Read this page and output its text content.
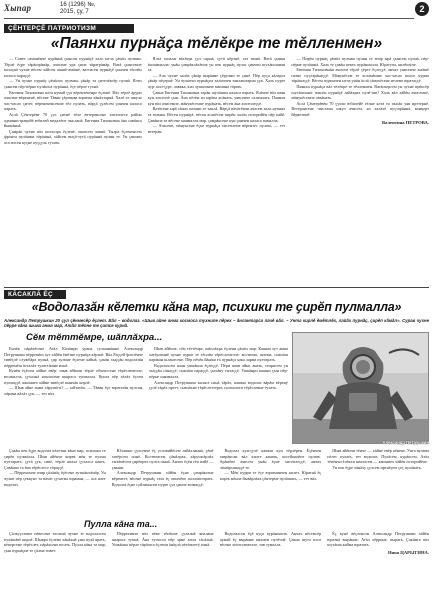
Хыпар	16 (1296) №,
2015, ҫу, 7	2
ÇĔНТЕРҪĔ ПАТРИОТИЗМ ÇУЛТАЛĂКĔ «Паянхи пурнăҫа тĕлĕкре те тĕлленмен»

— Совет саманĕнче пурăннă çынсен пурнăçĕ халь ытла çăмăл пулман. Тĕрлĕ ĕçре тăрăшрăмăр, ачасене ура çине тăратрăмăр. Ватă çынсемпе калаçнă чухне вĕсем хăйсен ашшĕ-амăшĕ, ваттисен пурнăçĕ çинчен тĕплĕн каласа параççĕ.

— Ун чухне пурнăç çăмăлах пулман, çăкăр та çителĕксĕр пулнă. Ялти çынсем пĕр-пĕрне пулăшса пурăннă, ĕçе пĕрле тухнă.

Евгения Тихоновна ялта нумай çул вĕрентекенре ĕçленĕ. Вăл тĕрлĕ ăрури ачасене вĕрентнĕ, вĕсене Тăван çĕршыва юратма хăнăхтарнă. Халĕ те шкула час-часах çитет, вĕренекенсемпе тĕл пулать, вăрçă çулĕсем çинчен каласа парать.

Аслă Çĕнтерĕве 70 çул çитнĕ тĕле ветерансене хисеплесе район администрацийĕ юбилей медалĕпе чысланă. Евгения Тихоновна ăна савăнса йышăннă.

Çамрăк чухне вăл колхозра ĕçленĕ, окопсем чавнă. Тылра ĕçлекенсем фронта пулăшма тăрăшнă, хăйсем выçă-тутă пурăннă пулин те. Ун çинчен аса илсен куçне куççуль тухать.

Ялта хальхи вăхăтра çул сарнă, çутă кĕртнĕ, газ пынă. Ватă çынна ăнланмалла: унăн çамрăклăхĕнче ун пек пурнăç пулас çинчен шухăшламан та.

— Ача чухне халăх çăкăр вырăнне çĕрулми те çинĕ. Пĕр пуçа кăларса çăкăр пĕçернĕ. Ун чухнехи пурнăçпа халиччен танлаштарма çук. Халь пурте пур: кил-çурт, лавкка, кил хушшинче машина тăрать.

Çакна Евгения Тихоновна тарăн шухăшпа каласа парать. Ялĕнче вăл паян кун хисеплĕ çын. Ăна пĕтĕм ял ырăпа асăнать, уявсенче саламлать. Паянхи кун вăл ачисемпе, мăнукĕсемпе пурăнать, вĕсем ăна хисеплеççĕ.

Ватăсене ырă сăмах калани те хаклă. Вăрçă вăхăтĕнчи ачасем халь нумаях та юлман. Вĕсен пурнăçĕ, вĕсен асапĕсем пирĕн халăх историйĕн пĕр пайĕ. Çавăнпа та вĕсене манмалла мар, çамрăксене кун çинчен каласа памалла.

— Ачасене, мăнуксене ĕçпе пурнăçа хисеплеме вĕрентес пулать, — тет ветеран.

— Пирĕн пурнăç çăмăл пулман пулин те эпир ырă çынсем пулнă, пĕр-пĕрне пулăшнă. Халь те çавăн пекех пурăнмалла. Юратупа, килĕшÿпе.

Евгения Тихоновнăн ачисем тĕрлĕ çĕрте ĕçлеççĕ, анчах уявсенче амăшĕ патне пуçтарăнаççĕ. Мăнукĕсем те асламăшне час-часах килсе курма тăрăшаççĕ. Вĕсем пуринчен ытла унăн ăслă сăмахĕсене итлеме юратаççĕ.

Паянхи пурнăçа вăл тĕлĕкре те тĕлленмен. Ватăскерсем ун чухне ирĕксĕр шухăшланă: ачасен пурнăçĕ лайăхрах пулĕ-ши? Халь вăл хăйĕн ачисемпе, мăнукĕсемпе савăнать.

Аслă Çĕнтерĕвĕн 70 çулхи юбилейĕ тĕлне ялта та пысăк уяв ирттернĕ. Ветерансене чыслама шкул ачисем, ял халăхĕ пуçтарăннă, концерт йĕркеленĕ.

Валентина ПЕТРОВА.
КĂСАКЛĂ ĔҪ
«Водолазăн кĕлетки кăна мар, психики те ҫирĕп пулмалла»
Александр Петрушкин 20 ҫул çĕнмесĕр ĕҫлет. Вăл – водолаз. «Шыв айне анма космоса тухнипе пĕрех – ăнлантарса пачĕ вăл. – Унта кирлĕ ĕмĕтлĕх, лайăх пурнăҫ, çирĕп кăмăл». Сурав чухне пĕрре кăна шыва анма мар, Атăл тĕпне те çитсе курнă.
Сĕм тĕттĕмре, шăплăхра...

Енчĕк пăрăхĕсене Атăл Кăлăмри урапа сулашнăшне Александр Петрушкин пĕрремĕш хут хăйĕн ĕмĕтне пурнăçа кĕртнĕ. Вăл Раççей флотĕнче тивĕçлĕ службăра пулнă, çар хулине ĕçлеме кайнă, çакăн хыççăн водолазăн пĕрремĕш ăсталăх тулаттăшне илнĕ.

Кунĕн ĕçĕсем хăйне евĕр: шыв айĕнчи тĕрлĕ объектсене тĕрĕслемелле, юсамалла, çухалнă япаласене шыраса тупмалла. Кунта пĕр тăлăх ĕçсем пулмаççĕ, кашниех хăйне тивĕçлĕ шанчăк кирлĕ.

— Шыв айне анма хăрушă-и? — ыйтатăп. — Тăван ĕçе юрататăн пулсан, хăрама вăхăт çук, — тет вăл.

Шыв айĕнче, сĕм тĕттĕмре, шăплăхра ĕçлени çăмăл мар. Кашни хут анма хатĕрленнĕ чухне пурне те тĕплĕн тĕрĕслемелле: костюма, шлема, сывлăш паракан шлангсене. Пĕр пĕчĕк йăнăш та пурнăçа хака ларма пултарать.

Водолазсем ялан ушкăнпа ĕçлеççĕ. Пĕри шыв айне анать, теприсем ун хыççăн сăнаççĕ, сывлăш параççĕ, çыхăну тытаççĕ. Ушкăнри кашни çын пĕр-пĕрне шанмалла.

Александр Петрушкин каласа панă тăрăх, кашни водолаз вăрăм вĕренÿ çулĕ тăрăх иртет, сывлăхне тĕрĕслеттерет, психологи тĕрĕслевне тухать.

Александр Петрушкин

Çакăн пек ĕçре водолаз кĕлетки кăна мар, психики те çирĕп пулмалла. Шыв айĕнче кирек мĕн те пулма пултарать: çутă çук, сивĕ, тĕрлĕ япала çухалса каять. Çавăнпа та ăна тĕрĕслесе тăраççĕ.

— Пĕррехинче эпир çăлăнăç ĕçĕсене хутшăнтăмăр. Ун чухне пĕр çеккунт та вăхăт çухатма юраман, — аса илет водолаз.

Юлашки çулсенче ĕç условийĕсем лайăхланнă, çĕнĕ хатĕрсем илнĕ. Костюмсем çăмăлрах, хăрушсăрлăх тытăмĕсем çирĕпрех пулса пынă. Анчах ĕçĕн тĕп пайĕ — çынни.

Александр Петрушкин хăйĕн ĕçне çамрăксене вĕрентет, вĕсене пурнăç тата ĕç опычĕпе паллаштарать. Водолаз ĕçне суйланисем пурте çул çинче юлмаççĕ.

Водолаз кун-çулĕ кашни кун тĕрлĕрен. Ĕçĕнчен таврăнсан вăл килте канать, кил-йышĕпе пулать. Арăмĕпе ачисем унăн ĕçне хисеплеççĕ, анчах пăшăрханаççĕ те.

— Мĕн пурри те ĕçе юратнинчен килет. Юратнă ĕç кирек мĕнле йывăрлăха çĕнтерме пулăшать, — тет вăл.

Шыв айĕнчи тĕнче — хăйне евĕр кĕнеке. Унта вулама пĕлес пулать, тет водолаз. Пулăсем, курăксем, Атăл тĕпĕнчи ĕлĕкхи япаласем — кашниех хăйĕн историйĕпе.

Ун пек ĕçре хăнăху çулсем иртнĕçем çеç пухăнать.

Пулла кăна та...

Çăлкуçсемпе пĕвесене тасатнă чухне те водолазсен пулăшăвĕ кирлĕ. Шывра ĕçлеме хăнăхнă çын пулă ярать, кĕперсене тĕрĕслет, пăрăхсене юсать. Пулла кăна та мар, çын пурнăçне те çăлма тивет.

Пĕррехинче вăл пĕве тĕпĕнче çухалнă япалана шыраса тупнă. Ăна тупасси пĕр эрне ытла тăсăлнă. Ушкăнпа пĕрле тăрăшса ĕçлени ăнăçлă пĕтĕмлетÿ панă.

Водолазсен ĕçĕ куçа курăнмасть. Анчах вĕсемсĕр нумай ĕç вырăнне килмен пулĕччĕ. Çакна шута илсе вĕсене хисеплемелле, тав тумалла.

Ĕç кунĕ вĕçленсен Александр Петрушкин хăйĕн юратнă вырăнне, Атăл хĕррине, пырать. Çакăнта вăл шухăша кайма юратать.

Нина ЦАРЫГИНА.
